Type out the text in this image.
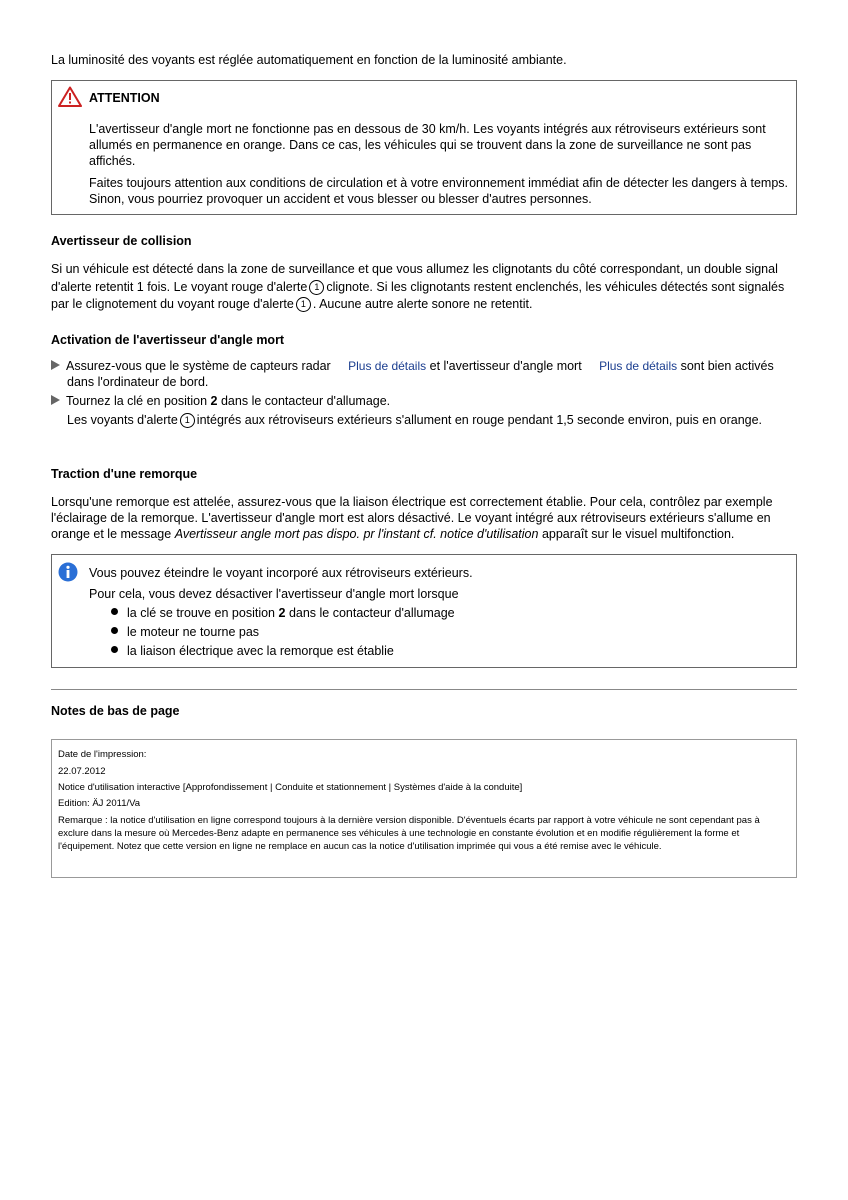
La luminosité des voyants est réglée automatiquement en fonction de la luminosité ambiante.

ATTENTION

L'avertisseur d'angle mort ne fonctionne pas en dessous de 30 km/h. Les voyants intégrés aux rétroviseurs extérieurs sont allumés en permanence en orange. Dans ce cas, les véhicules qui se trouvent dans la zone de surveillance ne sont pas affichés.

Faites toujours attention aux conditions de circulation et à votre environnement immédiat afin de détecter les dangers à temps. Sinon, vous pourriez provoquer un accident et vous blesser ou blesser d'autres personnes.

Avertisseur de collision

Si un véhicule est détecté dans la zone de surveillance et que vous allumez les clignotants du côté correspondant, un double signal d'alerte retentit 1 fois. Le voyant rouge d'alerte 1 clignote. Si les clignotants restent enclenchés, les véhicules détectés sont signalés par le clignotement du voyant rouge d'alerte 1 . Aucune autre alerte sonore ne retentit.

Activation de l'avertisseur d'angle mort

Assurez-vous que le système de capteurs radar Plus de détails et l'avertisseur d'angle mort Plus de détails sont bien activés

dans l'ordinateur de bord.

Tournez la clé en position 2 dans le contacteur d'allumage.

Les voyants d'alerte 1 intégrés aux rétroviseurs extérieurs s'allument en rouge pendant 1,5 seconde environ, puis en orange.

Traction d'une remorque

Lorsqu'une remorque est attelée, assurez-vous que la liaison électrique est correctement établie. Pour cela, contrôlez par exemple l'éclairage de la remorque. L'avertisseur d'angle mort est alors désactivé. Le voyant intégré aux rétroviseurs extérieurs s'allume en orange et le message Avertisseur angle mort pas dispo. pr l'instant cf. notice d'utilisation apparaît sur le visuel multifonction.

Vous pouvez éteindre le voyant incorporé aux rétroviseurs extérieurs.

Pour cela, vous devez désactiver l'avertisseur d'angle mort lorsque

la clé se trouve en position 2 dans le contacteur d'allumage

le moteur ne tourne pas

la liaison électrique avec la remorque est établie

Notes de bas de page

Date de l'impression:

22.07.2012

Notice d'utilisation interactive [Approfondissement | Conduite et stationnement | Systèmes d'aide à la conduite]

Edition: ÄJ 2011/Va

Remarque : la notice d'utilisation en ligne correspond toujours à la dernière version disponible. D'éventuels écarts par rapport à votre véhicule ne sont cependant pas à exclure dans la mesure où Mercedes-Benz adapte en permanence ses véhicules à une technologie en constante évolution et en modifie régulièrement la forme et l'équipement. Notez que cette version en ligne ne remplace en aucun cas la notice d'utilisation imprimée qui vous a été remise avec le véhicule.
